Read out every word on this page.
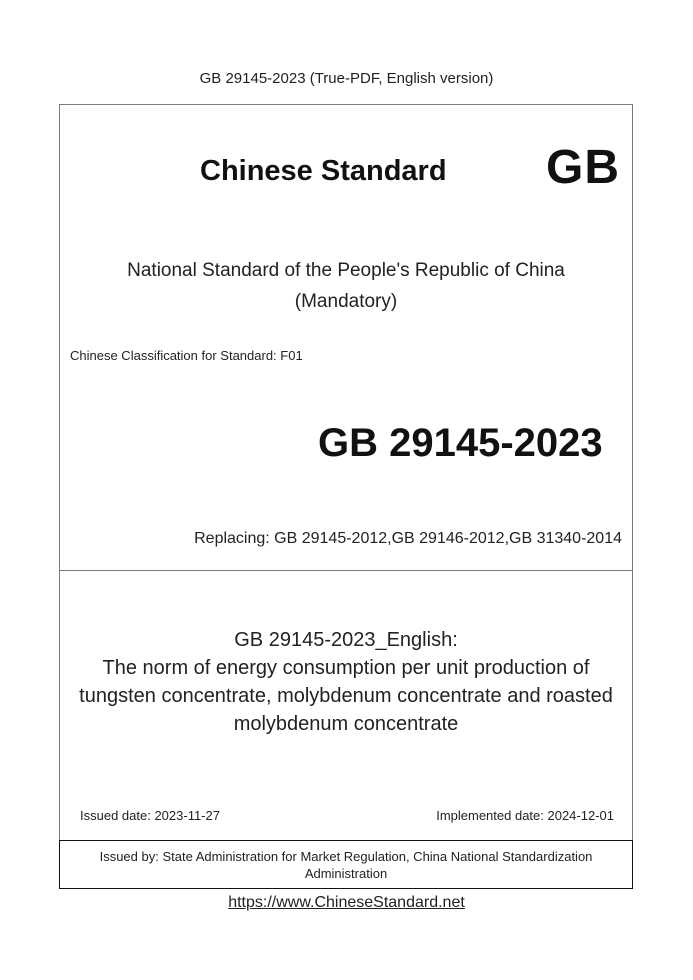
GB 29145-2023 (True-PDF, English version)
Chinese Standard GB
National Standard of the People's Republic of China
(Mandatory)
Chinese Classification for Standard: F01
GB 29145-2023
Replacing: GB 29145-2012,GB 29146-2012,GB 31340-2014
GB 29145-2023_English:
The norm of energy consumption per unit production of
tungsten concentrate, molybdenum concentrate and roasted
molybdenum concentrate
Issued date: 2023-11-27	Implemented date: 2024-12-01
Issued by: State Administration for Market Regulation, China National Standardization
Administration
https://www.ChineseStandard.net
